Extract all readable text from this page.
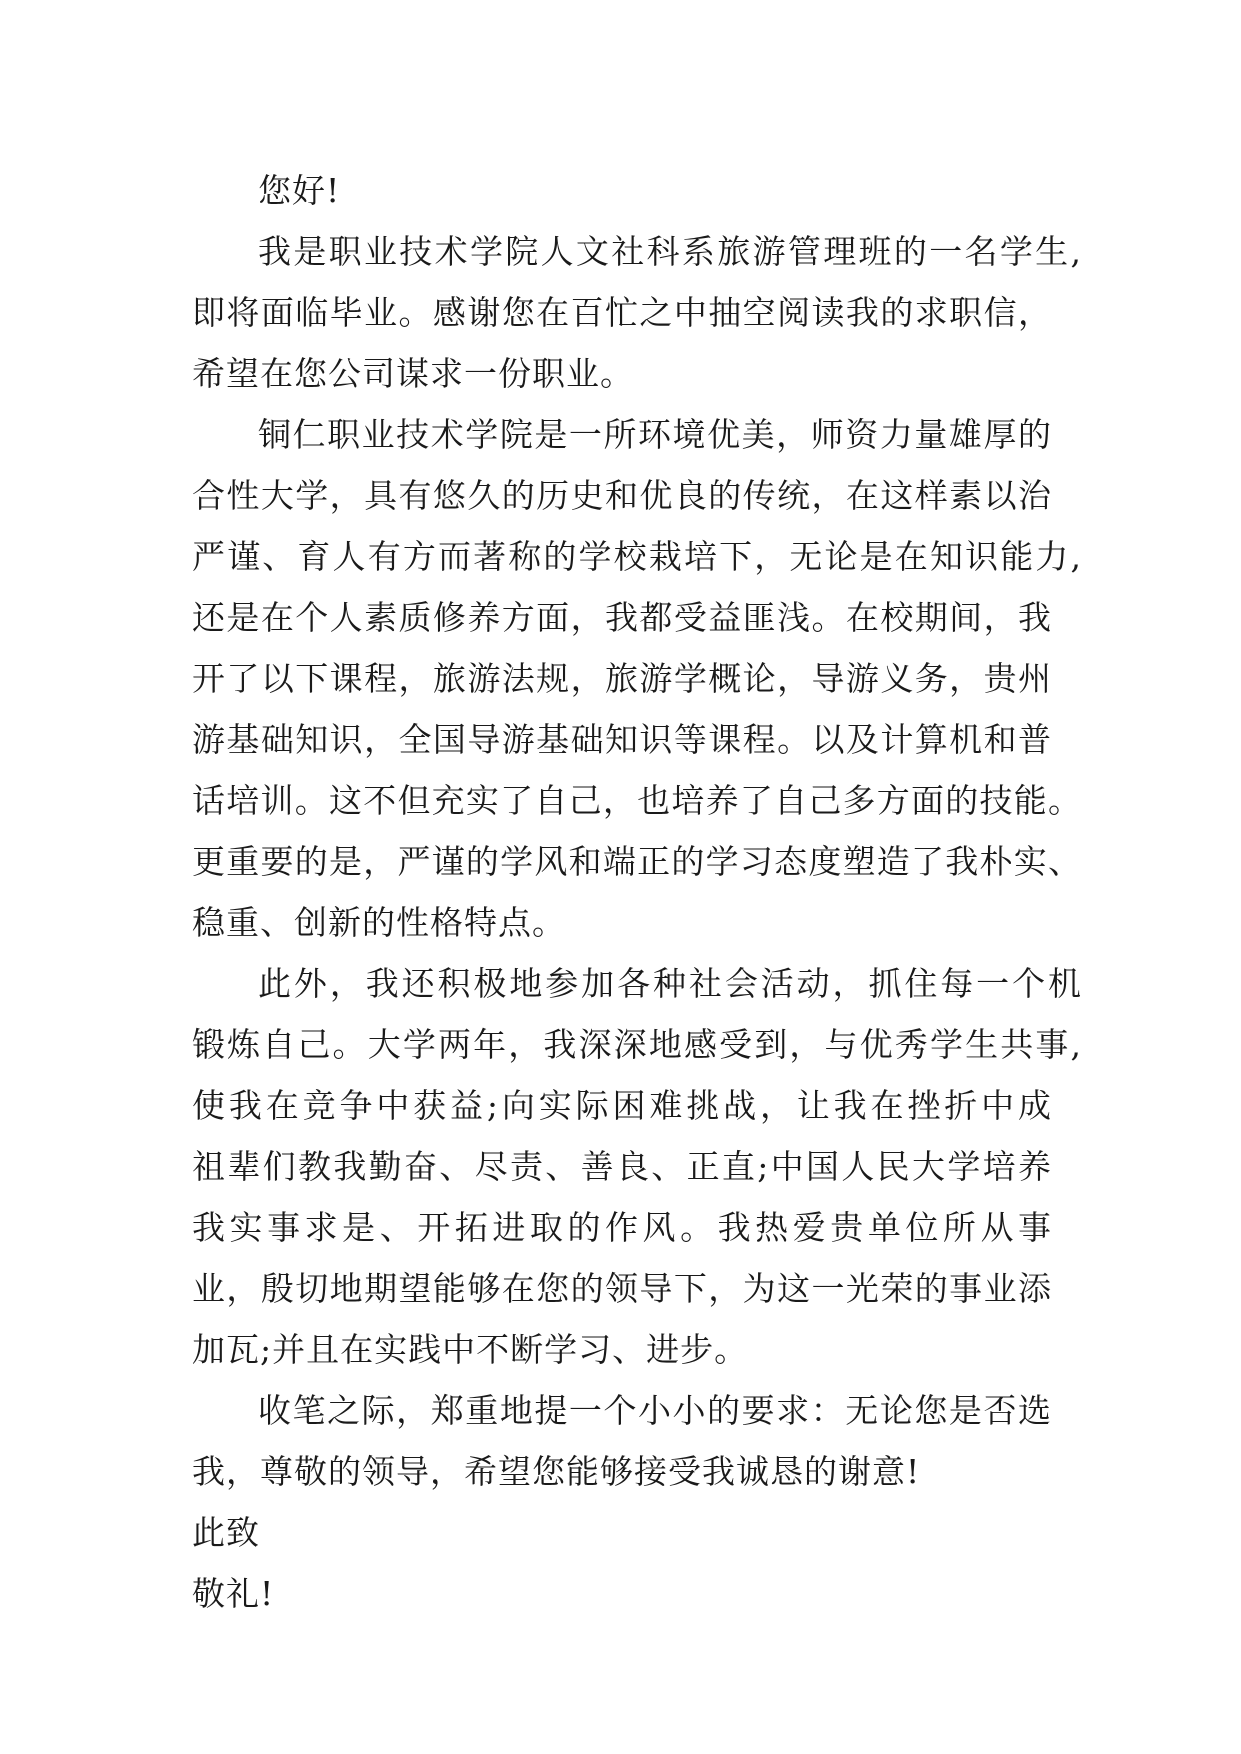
您好!
我是职业技术学院人文社科系旅游管理班的一名学生,
即将面临毕业。感谢您在百忙之中抽空阅读我的求职信，
希望在您公司谋求一份职业。
铜仁职业技术学院是一所环境优美，师资力量雄厚的
合性大学，具有悠久的历史和优良的传统，在这样素以治
严谨、育人有方而著称的学校栽培下，无论是在知识能力,
还是在个人素质修养方面，我都受益匪浅。在校期间，我
开了以下课程，旅游法规，旅游学概论，导游义务，贵州
游基础知识，全国导游基础知识等课程。以及计算机和普
话培训。这不但充实了自己，也培养了自己多方面的技能。
更重要的是，严谨的学风和端正的学习态度塑造了我朴实、
稳重、创新的性格特点。
此外，我还积极地参加各种社会活动，抓住每一个机
锻炼自己。大学两年，我深深地感受到，与优秀学生共事,
使我在竞争中获益;向实际困难挑战，让我在挫折中成
祖辈们教我勤奋、尽责、善良、正直;中国人民大学培养
我实事求是、开拓进取的作风。我热爱贵单位所从事
业，殷切地期望能够在您的领导下，为这一光荣的事业添
加瓦;并且在实践中不断学习、进步。
收笔之际，郑重地提一个小小的要求：无论您是否选
我，尊敬的领导，希望您能够接受我诚恳的谢意!
此致
敬礼!
